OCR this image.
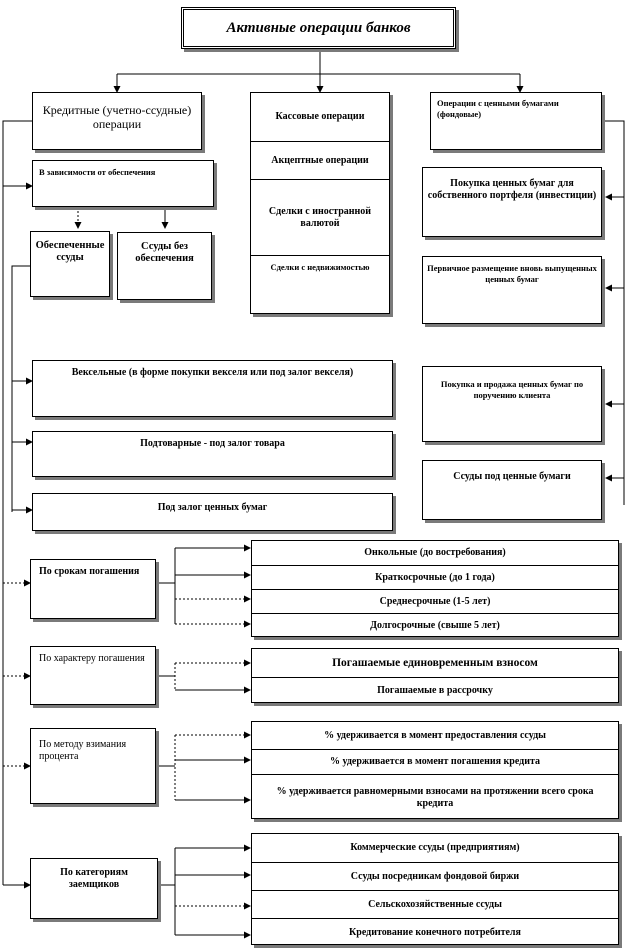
Активные операции банков
Кредитные (учетно-ссудные) операции
Кассовые операции
Акцептные операции
Сделки с иностранной валютой
Сделки с недвижимостью
Операции с ценными бумагами (фондовые)
Покупка ценных бумаг для собственного портфеля (инвестиции)
Первичное размещение вновь выпущенных ценных бумаг
Покупка и продажа ценных бумаг по поручению клиента
Ссуды под ценные бумаги
В зависимости от обеспечения
Обеспеченные ссуды
Ссуды без обеспечения
Вексельные (в форме покупки векселя или под залог векселя)
Подтоварные - под залог товара
Под залог ценных бумаг
По срокам погашения
Онкольные (до востребования)
Краткосрочные (до 1 года)
Среднесрочные (1-5 лет)
Долгосрочные (свыше 5 лет)
По характеру погашения	Погашаемые единовременным взносом
Погашаемые в рассрочку
По методу взимания процента
% удерживается в момент предоставления ссуды
% удерживается в момент погашения кредита
% удерживается равномерными взносами на протяжении всего срока кредита
По категориям заемщиков
Коммерческие ссуды (предприятиям)
Ссуды посредникам фондовой биржи
Сельскохозяйственные ссуды
Кредитование конечного потребителя
